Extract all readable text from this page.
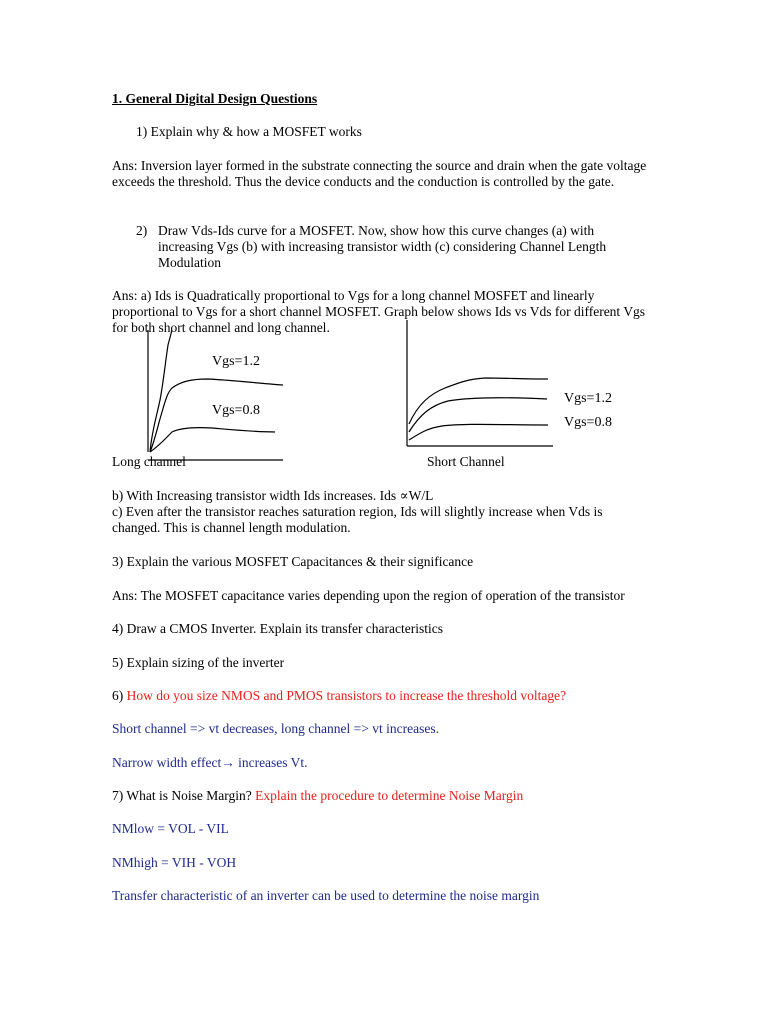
1. General Digital Design Questions
1) Explain why & how a MOSFET works
Ans: Inversion layer formed in the substrate connecting the source and drain when the gate voltage exceeds the threshold. Thus the device conducts and the conduction is controlled by the gate.
2) Draw Vds-Ids curve for a MOSFET. Now, show how this curve changes (a) with increasing Vgs (b) with increasing transistor width (c) considering Channel Length Modulation
Ans: a) Ids is Quadratically proportional to Vgs for a long channel MOSFET and linearly proportional to Vgs for a short channel MOSFET. Graph below shows Ids vs Vds for different Vgs for both short channel and long channel.
Vgs=1.2
Vgs=0.8
Vgs=1.2
Vgs=0.8
Long channel	Short Channel
b) With Increasing transistor width Ids increases. Ids ∝W/L
c) Even after the transistor reaches saturation region, Ids will slightly increase when Vds is changed. This is channel length modulation.
3) Explain the various MOSFET Capacitances & their significance
Ans: The MOSFET capacitance varies depending upon the region of operation of the transistor
4) Draw a CMOS Inverter. Explain its transfer characteristics
5) Explain sizing of the inverter
6) How do you size NMOS and PMOS transistors to increase the threshold voltage?
Short channel => vt decreases, long channel => vt increases.
Narrow width effect→ increases Vt.
7) What is Noise Margin? Explain the procedure to determine Noise Margin
NMlow = VOL - VIL
NMhigh = VIH - VOH
Transfer characteristic of an inverter can be used to determine the noise margin
